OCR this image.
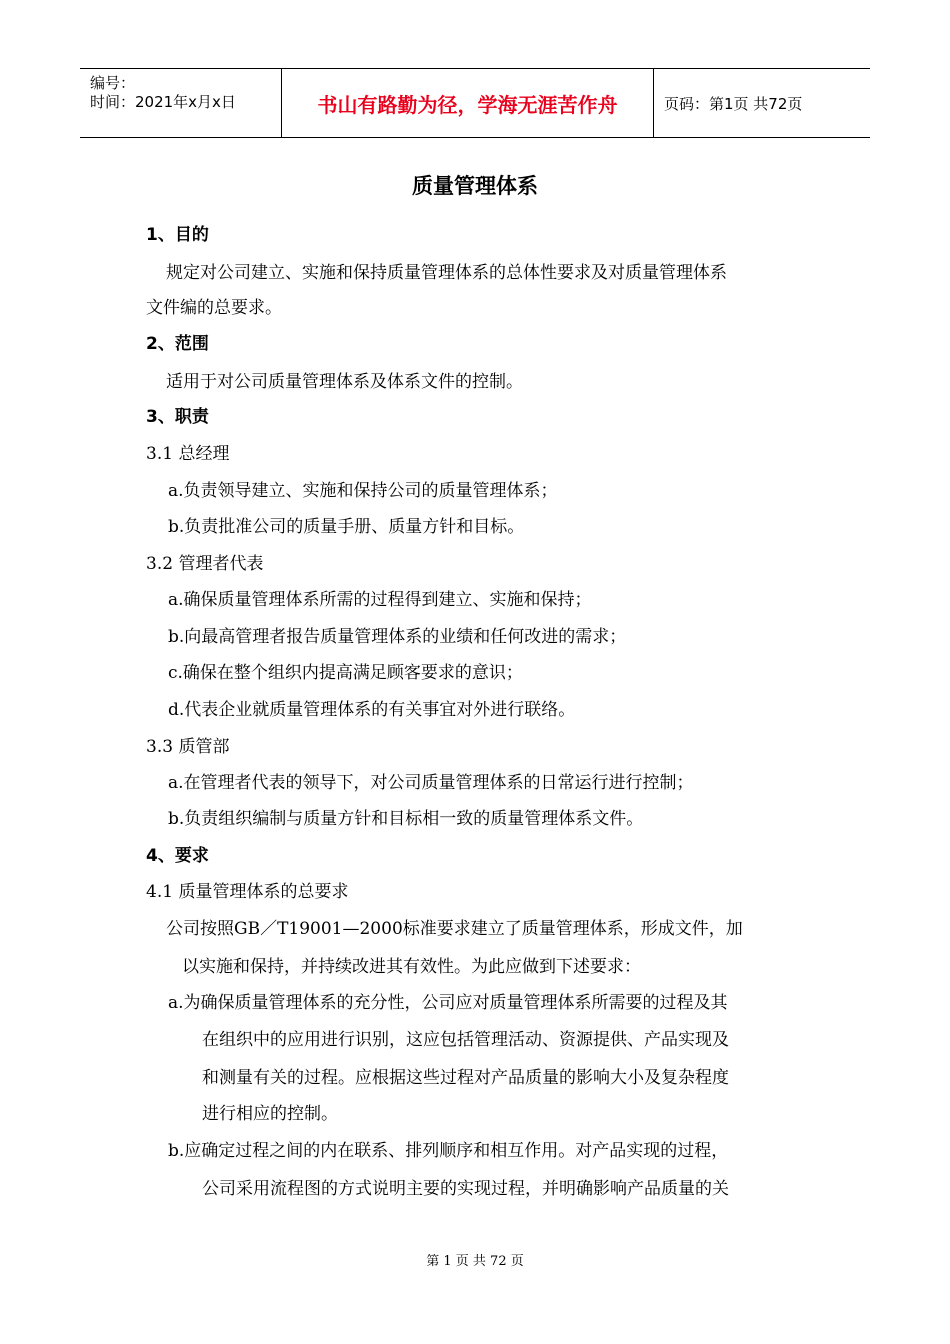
编号：
时间：2021年x月x日	书山有路勤为径，学海无涯苦作舟	页码：第1页 共72页
质量管理体系
1、目的
规定对公司建立、实施和保持质量管理体系的总体性要求及对质量管理体系
文件编的总要求。
2、范围
适用于对公司质量管理体系及体系文件的控制。
3、职责
3.1 总经理
a.负责领导建立、实施和保持公司的质量管理体系；
b.负责批准公司的质量手册、质量方针和目标。
3.2 管理者代表
a.确保质量管理体系所需的过程得到建立、实施和保持；
b.向最高管理者报告质量管理体系的业绩和任何改进的需求；
c.确保在整个组织内提高满足顾客要求的意识；
d.代表企业就质量管理体系的有关事宜对外进行联络。
3.3 质管部
a.在管理者代表的领导下，对公司质量管理体系的日常运行进行控制；
b.负责组织编制与质量方针和目标相一致的质量管理体系文件。
4、要求
4.1 质量管理体系的总要求
公司按照GB／T19001—2000标准要求建立了质量管理体系，形成文件，加
以实施和保持，并持续改进其有效性。为此应做到下述要求：
a.为确保质量管理体系的充分性，公司应对质量管理体系所需要的过程及其
在组织中的应用进行识别，这应包括管理活动、资源提供、产品实现及
和测量有关的过程。应根据这些过程对产品质量的影响大小及复杂程度
进行相应的控制。
b.应确定过程之间的内在联系、排列顺序和相互作用。对产品实现的过程，
公司采用流程图的方式说明主要的实现过程，并明确影响产品质量的关
第 1 页 共 72 页
